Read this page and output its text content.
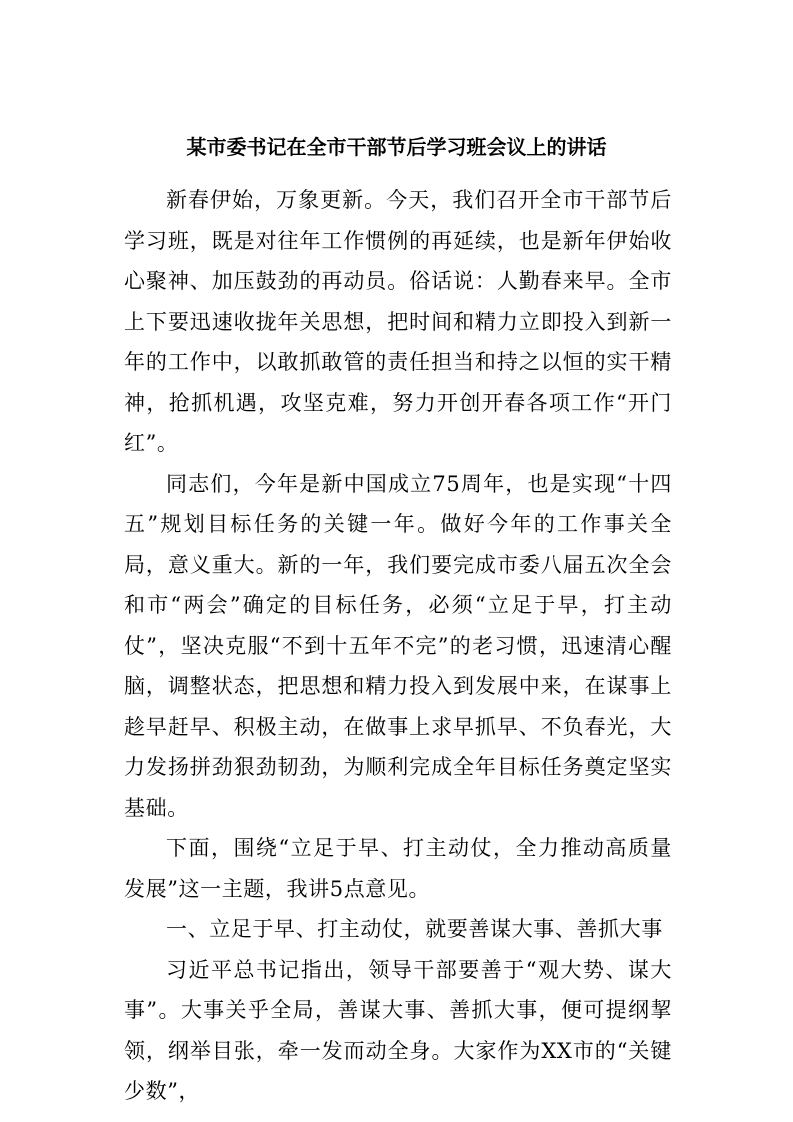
某市委书记在全市干部节后学习班会议上的讲话

新春伊始，万象更新。今天，我们召开全市干部节后学习班，既是对往年工作惯例的再延续，也是新年伊始收心聚神、加压鼓劲的再动员。俗话说：人勤春来早。全市上下要迅速收拢年关思想，把时间和精力立即投入到新一年的工作中，以敢抓敢管的责任担当和持之以恒的实干精神，抢抓机遇，攻坚克难，努力开创开春各项工作“开门红”。

同志们，今年是新中国成立75周年，也是实现“十四五”规划目标任务的关键一年。做好今年的工作事关全局，意义重大。新的一年，我们要完成市委八届五次全会和市“两会”确定的目标任务，必须“立足于早，打主动仗”，坚决克服“不到十五年不完”的老习惯，迅速清心醒脑，调整状态，把思想和精力投入到发展中来，在谋事上趁早赶早、积极主动，在做事上求早抓早、不负春光，大力发扬拼劲狠劲韧劲，为顺利完成全年目标任务奠定坚实基础。

下面，围绕“立足于早、打主动仗，全力推动高质量发展”这一主题，我讲5点意见。

一、立足于早、打主动仗，就要善谋大事、善抓大事

习近平总书记指出，领导干部要善于“观大势、谋大事”。大事关乎全局，善谋大事、善抓大事，便可提纲挈领，纲举目张，牵一发而动全身。大家作为XX市的“关键少数”，
